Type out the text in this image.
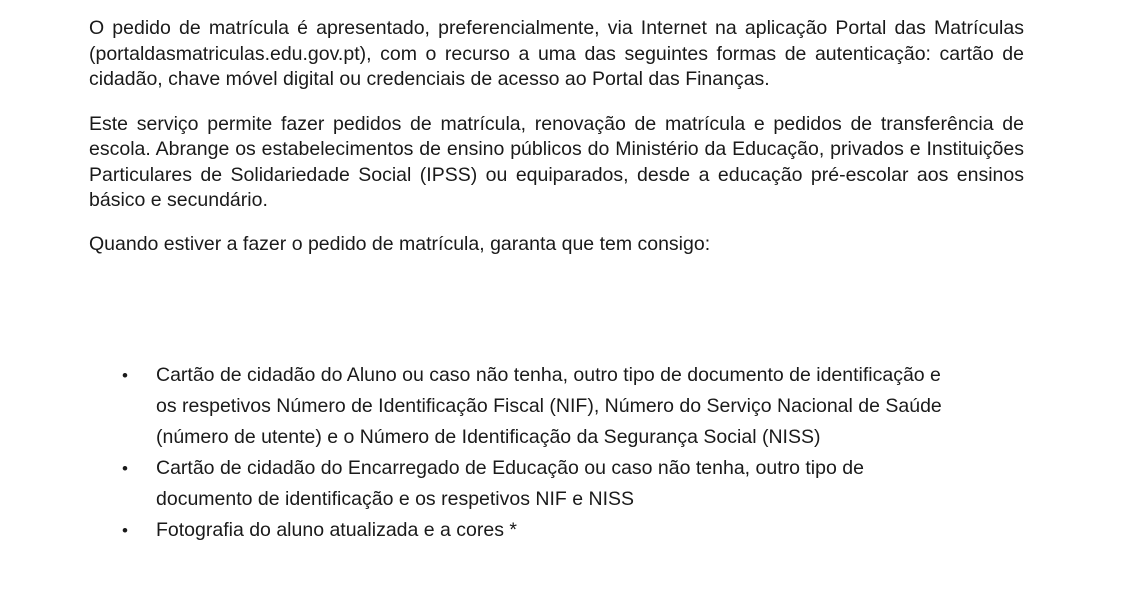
O pedido de matrícula é apresentado, preferencialmente, via Internet na aplicação Portal das Matrículas (portaldasmatriculas.edu.gov.pt), com o recurso a uma das seguintes formas de autenticação: cartão de cidadão, chave móvel digital ou credenciais de acesso ao Portal das Finanças.

Este serviço permite fazer pedidos de matrícula, renovação de matrícula e pedidos de transferência de escola. Abrange os estabelecimentos de ensino públicos do Ministério da Educação, privados e Instituições Particulares de Solidariedade Social (IPSS) ou equiparados, desde a educação pré-escolar aos ensinos básico e secundário.

Quando estiver a fazer o pedido de matrícula, garanta que tem consigo:

• Cartão de cidadão do Aluno ou caso não tenha, outro tipo de documento de identificação e os respetivos Número de Identificação Fiscal (NIF), Número do Serviço Nacional de Saúde (número de utente) e o Número de Identificação da Segurança Social (NISS)
• Cartão de cidadão do Encarregado de Educação ou caso não tenha, outro tipo de documento de identificação e os respetivos NIF e NISS
• Fotografia do aluno atualizada e a cores *
